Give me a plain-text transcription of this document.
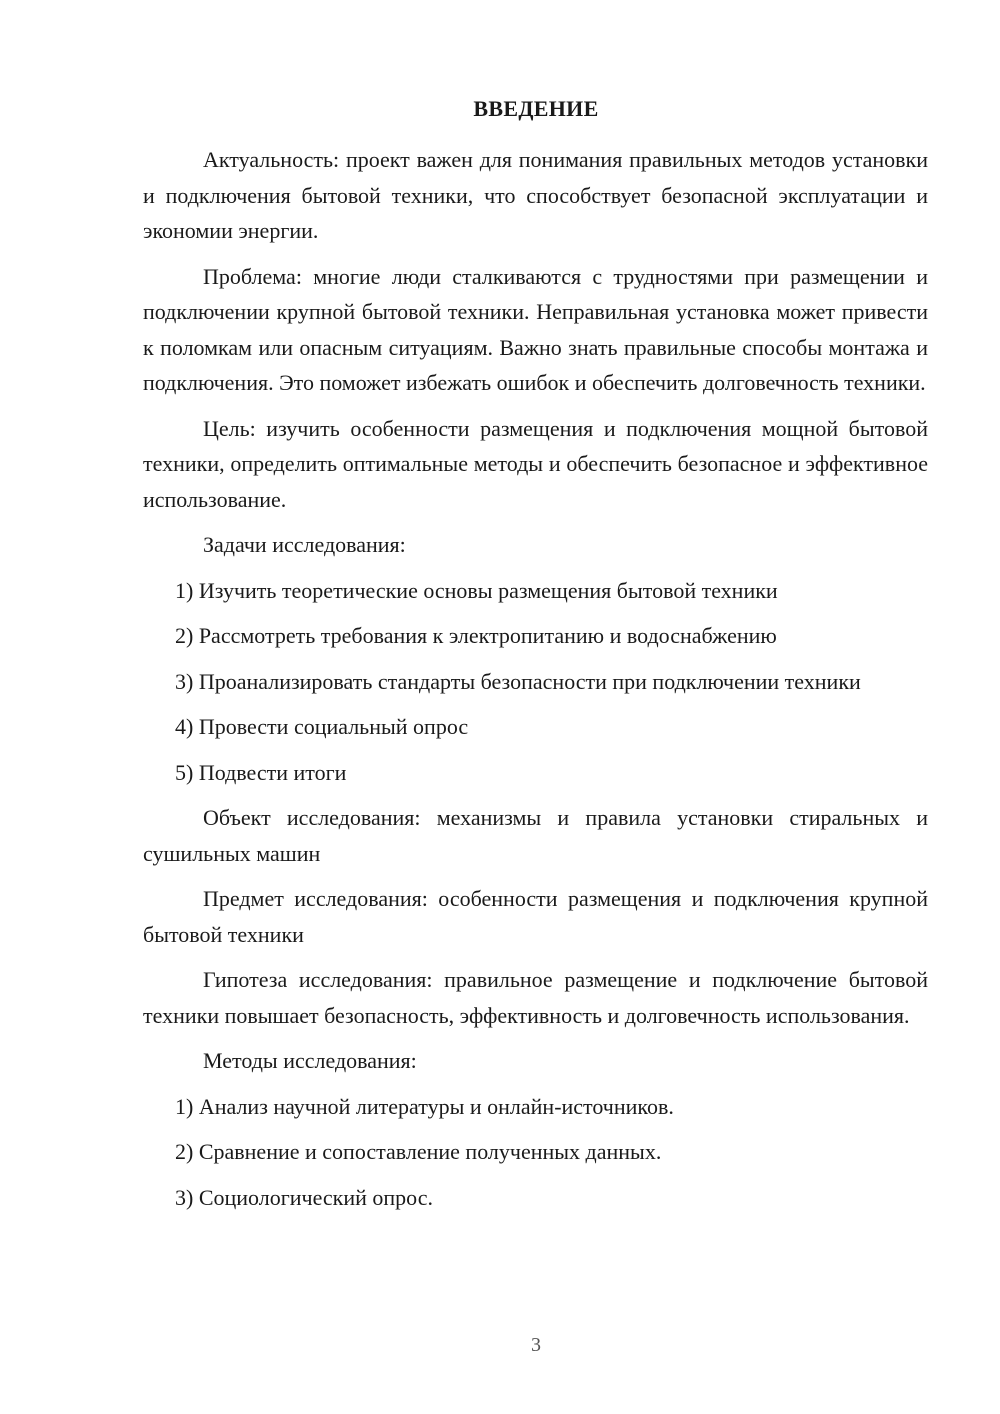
ВВЕДЕНИЕ

Актуальность: проект важен для понимания правильных методов установки и подключения бытовой техники, что способствует безопасной эксплуатации и экономии энергии.

Проблема: многие люди сталкиваются с трудностями при размещении и подключении крупной бытовой техники. Неправильная установка может привести к поломкам или опасным ситуациям. Важно знать правильные способы монтажа и подключения. Это поможет избежать ошибок и обеспечить долговечность техники.

Цель: изучить особенности размещения и подключения мощной бытовой техники, определить оптимальные методы и обеспечить безопасное и эффективное использование.

Задачи исследования:

1) Изучить теоретические основы размещения бытовой техники

2) Рассмотреть требования к электропитанию и водоснабжению

3) Проанализировать стандарты безопасности при подключении техники

4) Провести социальный опрос

5) Подвести итоги

Объект исследования: механизмы и правила установки стиральных и сушильных машин

Предмет исследования: особенности размещения и подключения крупной бытовой техники

Гипотеза исследования: правильное размещение и подключение бытовой техники повышает безопасность, эффективность и долговечность использования.

Методы исследования:

1) Анализ научной литературы и онлайн-источников.

2) Сравнение и сопоставление полученных данных.

3) Социологический опрос.

3
